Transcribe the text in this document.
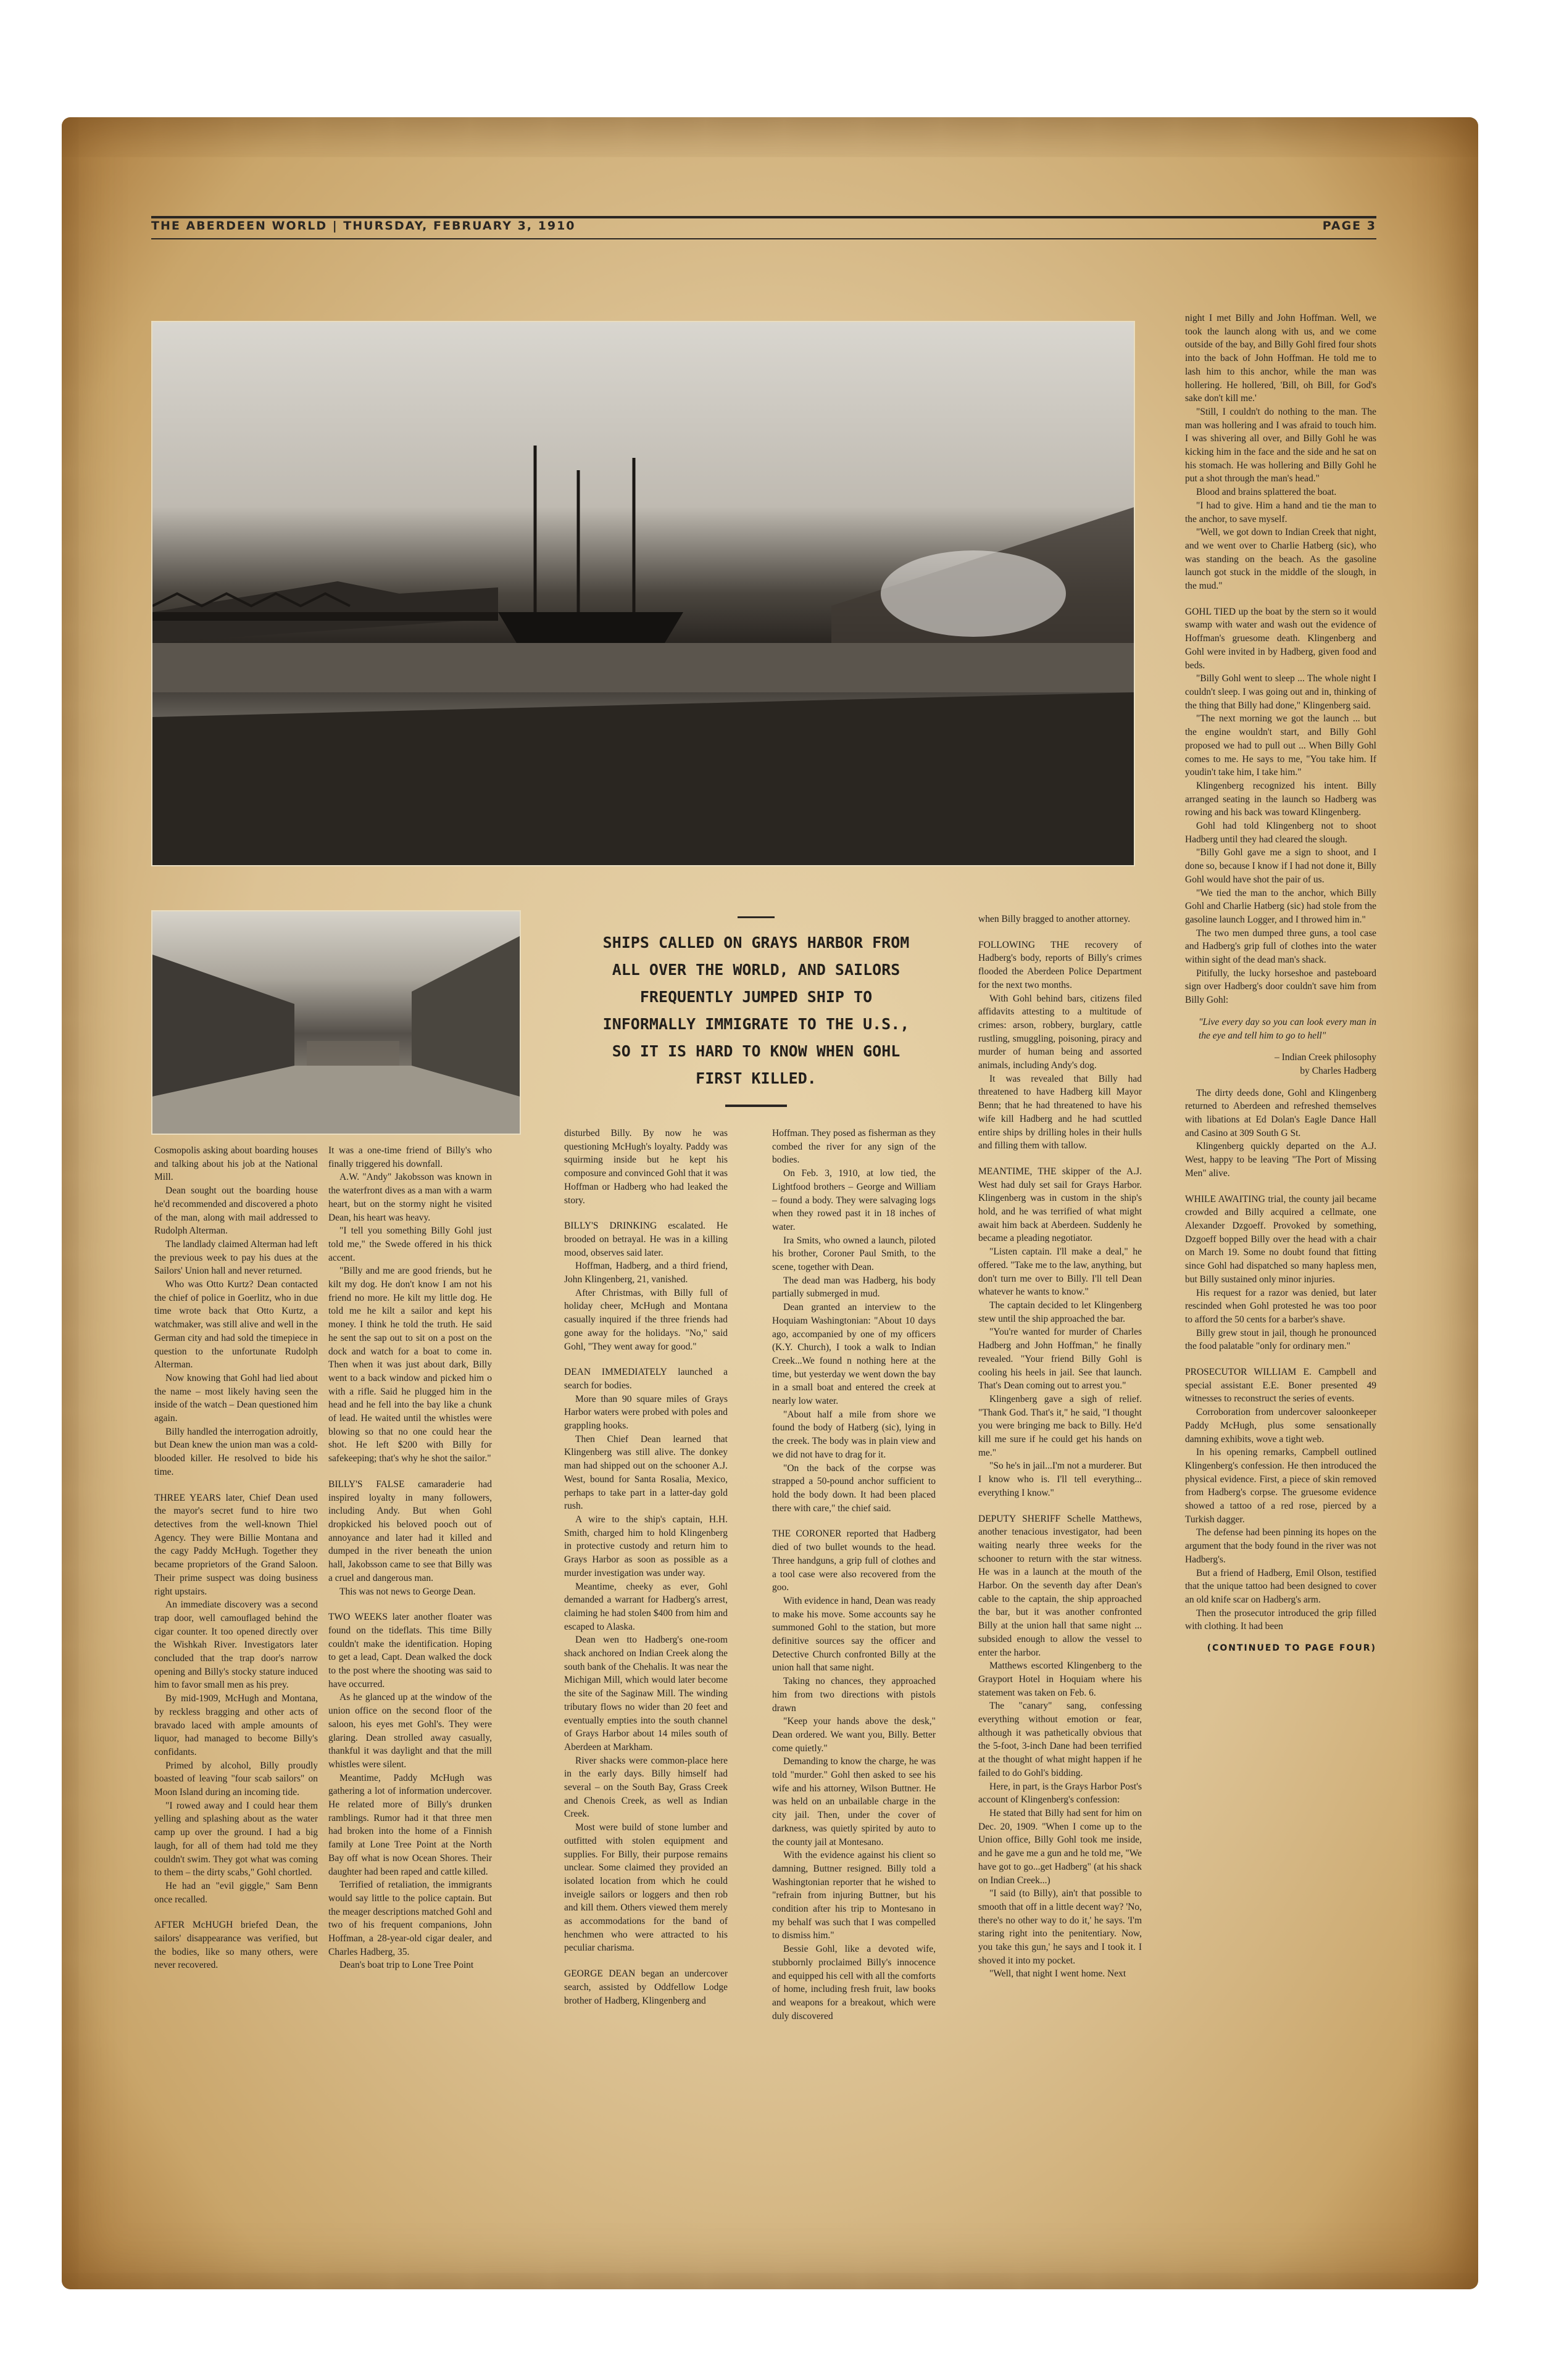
THE ABERDEEN WORLD | THURSDAY, FEBRUARY 3, 1910	PAGE 3
SHIPS CALLED ON GRAYS HARBOR FROM ALL OVER THE WORLD, AND SAILORS FREQUENTLY JUMPED SHIP TO INFORMALLY IMMIGRATE TO THE U.S., SO IT IS HARD TO KNOW WHEN GOHL FIRST KILLED.

Cosmopolis asking about boarding houses and talking about his job at the National Mill.

Dean sought out the boarding house he'd recommended and discovered a photo of the man, along with mail addressed to Rudolph Alterman.

The landlady claimed Alterman had left the previous week to pay his dues at the Sailors' Union hall and never returned.

Who was Otto Kurtz? Dean contacted the chief of police in Goerlitz, who in due time wrote back that Otto Kurtz, a watchmaker, was still alive and well in the German city and had sold the timepiece in question to the unfortunate Rudolph Alterman.

Now knowing that Gohl had lied about the name – most likely having seen the inside of the watch – Dean questioned him again.

Billy handled the interrogation adroitly, but Dean knew the union man was a cold-blooded killer. He resolved to bide his time.

THREE YEARS later, Chief Dean used the mayor's secret fund to hire two detectives from the well-known Thiel Agency. They were Billie Montana and the cagy Paddy McHugh. Together they became proprietors of the Grand Saloon. Their prime suspect was doing business right upstairs.

An immediate discovery was a second trap door, well camouflaged behind the cigar counter. It too opened directly over the Wishkah River. Investigators later concluded that the trap door's narrow opening and Billy's stocky stature induced him to favor small men as his prey.

By mid-1909, McHugh and Montana, by reckless bragging and other acts of bravado laced with ample amounts of liquor, had managed to become Billy's confidants.

Primed by alcohol, Billy proudly boasted of leaving "four scab sailors" on Moon Island during an incoming tide.

"I rowed away and I could hear them yelling and splashing about as the water camp up over the ground. I had a big laugh, for all of them had told me they couldn't swim. They got what was coming to them – the dirty scabs," Gohl chortled.

He had an "evil giggle," Sam Benn once recalled.

AFTER McHUGH briefed Dean, the sailors' disappearance was verified, but the bodies, like so many others, were never recovered.

It was a one-time friend of Billy's who finally triggered his downfall.

A.W. "Andy" Jakobsson was known in the waterfront dives as a man with a warm heart, but on the stormy night he visited Dean, his heart was heavy.

"I tell you something Billy Gohl just told me," the Swede offered in his thick accent.

"Billy and me are good friends, but he kilt my dog. He don't know I am not his friend no more. He kilt my little dog. He told me he kilt a sailor and kept his money. I think he told the truth. He said he sent the sap out to sit on a post on the dock and watch for a boat to come in. Then when it was just about dark, Billy went to a back window and picked him o with a rifle. Said he plugged him in the head and he fell into the bay like a chunk of lead. He waited until the whistles were blowing so that no one could hear the shot. He left $200 with Billy for safekeeping; that's why he shot the sailor."

BILLY'S FALSE camaraderie had inspired loyalty in many followers, including Andy. But when Gohl dropkicked his beloved pooch out of annoyance and later had it killed and dumped in the river beneath the union hall, Jakobsson came to see that Billy was a cruel and dangerous man.

This was not news to George Dean.

TWO WEEKS later another floater was found on the tideflats. This time Billy couldn't make the identification. Hoping to get a lead, Capt. Dean walked the dock to the post where the shooting was said to have occurred.

As he glanced up at the window of the union office on the second floor of the saloon, his eyes met Gohl's. They were glaring. Dean strolled away casually, thankful it was daylight and that the mill whistles were silent.

Meantime, Paddy McHugh was gathering a lot of information undercover. He related more of Billy's drunken ramblings. Rumor had it that three men had broken into the home of a Finnish family at Lone Tree Point at the North Bay off what is now Ocean Shores. Their daughter had been raped and cattle killed.

Terrified of retaliation, the immigrants would say little to the police captain. But the meager descriptions matched Gohl and two of his frequent companions, John Hoffman, a 28-year-old cigar dealer, and Charles Hadberg, 35.

Dean's boat trip to Lone Tree Point

disturbed Billy. By now he was questioning McHugh's loyalty. Paddy was squirming inside but he kept his composure and convinced Gohl that it was Hoffman or Hadberg who had leaked the story.

BILLY'S DRINKING escalated. He brooded on betrayal. He was in a killing mood, observes said later.

Hoffman, Hadberg, and a third friend, John Klingenberg, 21, vanished.

After Christmas, with Billy full of holiday cheer, McHugh and Montana casually inquired if the three friends had gone away for the holidays. "No," said Gohl, "They went away for good."

DEAN IMMEDIATELY launched a search for bodies.

More than 90 square miles of Grays Harbor waters were probed with poles and grappling hooks.

Then Chief Dean learned that Klingenberg was still alive. The donkey man had shipped out on the schooner A.J. West, bound for Santa Rosalia, Mexico, perhaps to take part in a latter-day gold rush.

A wire to the ship's captain, H.H. Smith, charged him to hold Klingenberg in protective custody and return him to Grays Harbor as soon as possible as a murder investigation was under way.

Meantime, cheeky as ever, Gohl demanded a warrant for Hadberg's arrest, claiming he had stolen $400 from him and escaped to Alaska.

Dean wen tto Hadberg's one-room shack anchored on Indian Creek along the south bank of the Chehalis. It was near the Michigan Mill, which would later become the site of the Saginaw Mill. The winding tributary flows no wider than 20 feet and eventually empties into the south channel of Grays Harbor about 14 miles south of Aberdeen at Markham.

River shacks were common-place here in the early days. Billy himself had several – on the South Bay, Grass Creek and Chenois Creek, as well as Indian Creek.

Most were build of stone lumber and outfitted with stolen equipment and supplies. For Billy, their purpose remains unclear. Some claimed they provided an isolated location from which he could inveigle sailors or loggers and then rob and kill them. Others viewed them merely as accommodations for the band of henchmen who were attracted to his peculiar charisma.

GEORGE DEAN began an undercover search, assisted by Oddfellow Lodge brother of Hadberg, Klingenberg and

Hoffman. They posed as fisherman as they combed the river for any sign of the bodies.

On Feb. 3, 1910, at low tied, the Lightfood brothers – George and William – found a body. They were salvaging logs when they rowed past it in 18 inches of water.

Ira Smits, who owned a launch, piloted his brother, Coroner Paul Smith, to the scene, together with Dean.

The dead man was Hadberg, his body partially submerged in mud.

Dean granted an interview to the Hoquiam Washingtonian: "About 10 days ago, accompanied by one of my officers (K.Y. Church), I took a walk to Indian Creek...We found n nothing here at the time, but yesterday we went down the bay in a small boat and entered the creek at nearly low water.

"About half a mile from shore we found the body of Hatberg (sic), lying in the creek. The body was in plain view and we did not have to drag for it.

"On the back of the corpse was strapped a 50-pound anchor sufficient to hold the body down. It had been placed there with care," the chief said.

THE CORONER reported that Hadberg died of two bullet wounds to the head. Three handguns, a grip full of clothes and a tool case were also recovered from the goo.

With evidence in hand, Dean was ready to make his move. Some accounts say he summoned Gohl to the station, but more definitive sources say the officer and Detective Church confronted Billy at the union hall that same night.

Taking no chances, they approached him from two directions with pistols drawn

"Keep your hands above the desk," Dean ordered. We want you, Billy. Better come quietly."

Demanding to know the charge, he was told "murder." Gohl then asked to see his wife and his attorney, Wilson Buttner. He was held on an unbailable charge in the city jail. Then, under the cover of darkness, was quietly spirited by auto to the county jail at Montesano.

With the evidence against his client so damning, Buttner resigned. Billy told a Washingtonian reporter that he wished to "refrain from injuring Buttner, but his condition after his trip to Montesano in my behalf was such that I was compelled to dismiss him."

Bessie Gohl, like a devoted wife, stubbornly proclaimed Billy's innocence and equipped his cell with all the comforts of home, including fresh fruit, law books and weapons for a breakout, which were duly discovered

when Billy bragged to another attorney.

FOLLOWING THE recovery of Hadberg's body, reports of Billy's crimes flooded the Aberdeen Police Department for the next two months.

With Gohl behind bars, citizens filed affidavits attesting to a multitude of crimes: arson, robbery, burglary, cattle rustling, smuggling, poisoning, piracy and murder of human being and assorted animals, including Andy's dog.

It was revealed that Billy had threatened to have Hadberg kill Mayor Benn; that he had threatened to have his wife kill Hadberg and he had scuttled entire ships by drilling holes in their hulls and filling them with tallow.

MEANTIME, THE skipper of the A.J. West had duly set sail for Grays Harbor. Klingenberg was in custom in the ship's hold, and he was terrified of what might await him back at Aberdeen. Suddenly he became a pleading negotiator.

"Listen captain. I'll make a deal," he offered. "Take me to the law, anything, but don't turn me over to Billy. I'll tell Dean whatever he wants to know."

The captain decided to let Klingenberg stew until the ship approached the bar.

"You're wanted for murder of Charles Hadberg and John Hoffman," he finally revealed. "Your friend Billy Gohl is cooling his heels in jail. See that launch. That's Dean coming out to arrest you."

Klingenberg gave a sigh of relief. "Thank God. That's it," he said, "I thought you were bringing me back to Billy. He'd kill me sure if he could get his hands on me."

"So he's in jail...I'm not a murderer. But I know who is. I'll tell everything... everything I know."

DEPUTY SHERIFF Schelle Matthews, another tenacious investigator, had been waiting nearly three weeks for the schooner to return with the star witness. He was in a launch at the mouth of the Harbor. On the seventh day after Dean's cable to the captain, the ship approached the bar, but it was another confronted Billy at the union hall that same night ... subsided enough to allow the vessel to enter the harbor.

Matthews escorted Klingenberg to the Grayport Hotel in Hoquiam where his statement was taken on Feb. 6.

The "canary" sang, confessing everything without emotion or fear, although it was pathetically obvious that the 5-foot, 3-inch Dane had been terrified at the thought of what might happen if he failed to do Gohl's bidding.

Here, in part, is the Grays Harbor Post's account of Klingenberg's confession:

He stated that Billy had sent for him on Dec. 20, 1909. "When I come up to the Union office, Billy Gohl took me inside, and he gave me a gun and he told me, "We have got to go...get Hadberg" (at his shack on Indian Creek...)

"I said (to Billy), ain't that possible to smooth that off in a little decent way? 'No, there's no other way to do it,' he says. 'I'm staring right into the penitentiary. Now, you take this gun,' he says and I took it. I shoved it into my pocket.

"Well, that night I went home. Next

night I met Billy and John Hoffman. Well, we took the launch along with us, and we come outside of the bay, and Billy Gohl fired four shots into the back of John Hoffman. He told me to lash him to this anchor, while the man was hollering. He hollered, 'Bill, oh Bill, for God's sake don't kill me.'

"Still, I couldn't do nothing to the man. The man was hollering and I was afraid to touch him. I was shivering all over, and Billy Gohl he was kicking him in the face and the side and he sat on his stomach. He was hollering and Billy Gohl he put a shot through the man's head."

Blood and brains splattered the boat.

"I had to give. Him a hand and tie the man to the anchor, to save myself.

"Well, we got down to Indian Creek that night, and we went over to Charlie Hatberg (sic), who was standing on the beach. As the gasoline launch got stuck in the middle of the slough, in the mud."

GOHL TIED up the boat by the stern so it would swamp with water and wash out the evidence of Hoffman's gruesome death. Klingenberg and Gohl were invited in by Hadberg, given food and beds.

"Billy Gohl went to sleep ... The whole night I couldn't sleep. I was going out and in, thinking of the thing that Billy had done," Klingenberg said.

"The next morning we got the launch ... but the engine wouldn't start, and Billy Gohl proposed we had to pull out ... When Billy Gohl comes to me. He says to me, "You take him. If youdin't take him, I take him."

Klingenberg recognized his intent. Billy arranged seating in the launch so Hadberg was rowing and his back was toward Klingenberg.

Gohl had told Klingenberg not to shoot Hadberg until they had cleared the slough.

"Billy Gohl gave me a sign to shoot, and I done so, because I know if I had not done it, Billy Gohl would have shot the pair of us.

"We tied the man to the anchor, which Billy Gohl and Charlie Hatberg (sic) had stole from the gasoline launch Logger, and I throwed him in."

The two men dumped three guns, a tool case and Hadberg's grip full of clothes into the water within sight of the dead man's shack.

Pitifully, the lucky horseshoe and pasteboard sign over Hadberg's door couldn't save him from Billy Gohl:

"Live every day so you can look every man in the eye and tell him to go to hell"

– Indian Creek philosophy
by Charles Hadberg

The dirty deeds done, Gohl and Klingenberg returned to Aberdeen and refreshed themselves with libations at Ed Dolan's Eagle Dance Hall and Casino at 309 South G St.

Klingenberg quickly departed on the A.J. West, happy to be leaving "The Port of Missing Men" alive.

WHILE AWAITING trial, the county jail became crowded and Billy acquired a cellmate, one Alexander Dzgoeff. Provoked by something, Dzgoeff bopped Billy over the head with a chair on March 19. Some no doubt found that fitting since Gohl had dispatched so many hapless men, but Billy sustained only minor injuries.

His request for a razor was denied, but later rescinded when Gohl protested he was too poor to afford the 50 cents for a barber's shave.

Billy grew stout in jail, though he pronounced the food palatable "only for ordinary men."

PROSECUTOR WILLIAM E. Campbell and special assistant E.E. Boner presented 49 witnesses to reconstruct the series of events.

Corroboration from undercover saloonkeeper Paddy McHugh, plus some sensationally damning exhibits, wove a tight web.

In his opening remarks, Campbell outlined Klingenberg's confession. He then introduced the physical evidence. First, a piece of skin removed from Hadberg's corpse. The gruesome evidence showed a tattoo of a red rose, pierced by a Turkish dagger.

The defense had been pinning its hopes on the argument that the body found in the river was not Hadberg's.

But a friend of Hadberg, Emil Olson, testified that the unique tattoo had been designed to cover an old knife scar on Hadberg's arm.

Then the prosecutor introduced the grip filled with clothing. It had been

(CONTINUED TO PAGE FOUR)
